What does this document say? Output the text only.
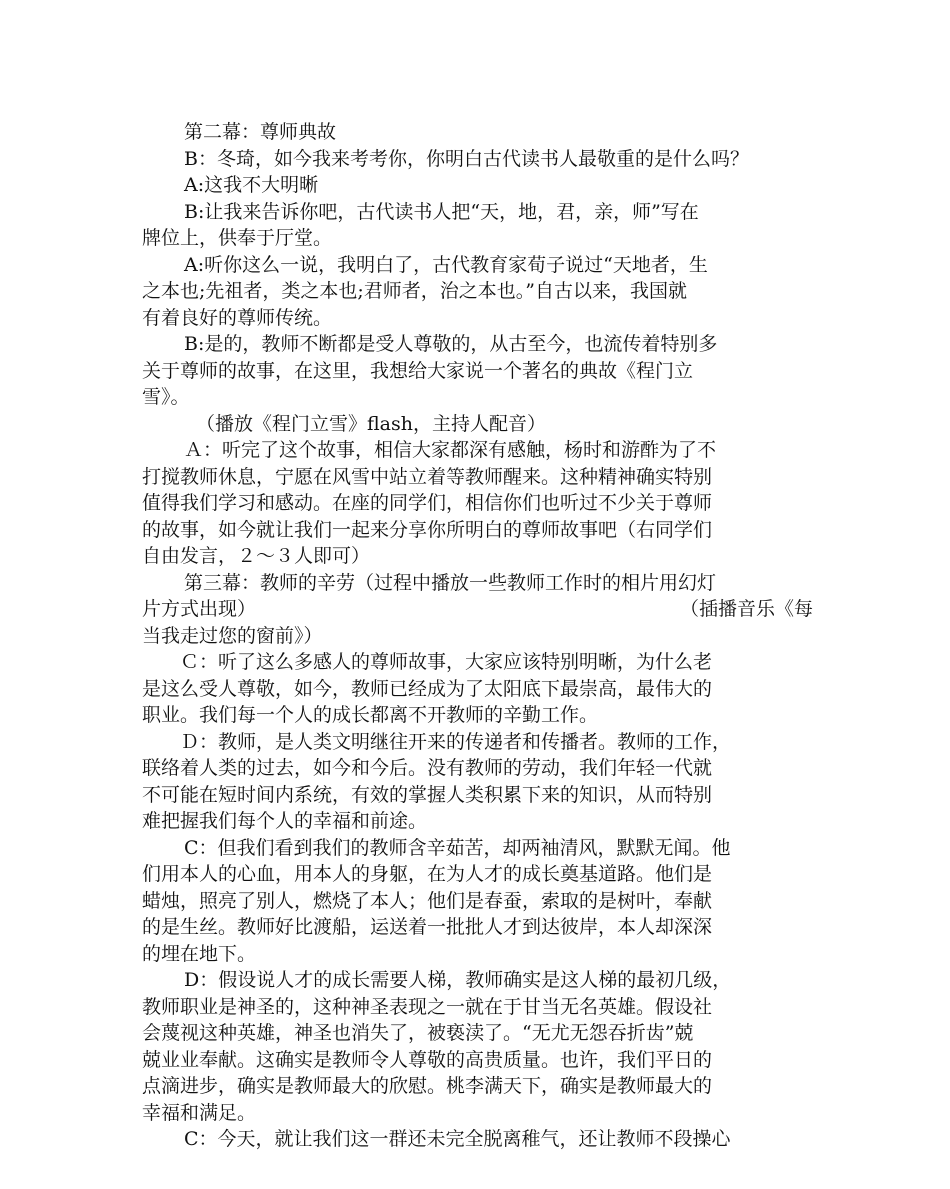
第二幕：尊师典故
B：冬琦，如今我来考考你，你明白古代读书人最敬重的是什么吗？
A:这我不大明晰
B:让我来告诉你吧，古代读书人把“天，地，君，亲，师”写在
牌位上，供奉于厅堂。
A:听你这么一说，我明白了，古代教育家荀子说过“天地者，生
之本也;先祖者，类之本也;君师者，治之本也。”自古以来，我国就
有着良好的尊师传统。
B:是的，教师不断都是受人尊敬的，从古至今，也流传着特别多
关于尊师的故事，在这里，我想给大家说一个著名的典故《程门立
雪》。
（播放《程门立雪》flash，主持人配音）
Ａ：听完了这个故事，相信大家都深有感触，杨时和游酢为了不
打搅教师休息，宁愿在风雪中站立着等教师醒来。这种精神确实特别
值得我们学习和感动。在座的同学们，相信你们也听过不少关于尊师
的故事，如今就让我们一起来分享你所明白的尊师故事吧（右同学们
自由发言，２～３人即可）
第三幕：教师的辛劳（过程中播放一些教师工作时的相片用幻灯
片方式出现）	（插播音乐《每
当我走过您的窗前》）
Ｃ：听了这么多感人的尊师故事，大家应该特别明晰，为什么老
是这么受人尊敬，如今，教师已经成为了太阳底下最崇高，最伟大的
职业。我们每一个人的成长都离不开教师的辛勤工作。
Ｄ：教师，是人类文明继往开来的传递者和传播者。教师的工作，
联络着人类的过去，如今和今后。没有教师的劳动，我们年轻一代就
不可能在短时间内系统，有效的掌握人类积累下来的知识，从而特别
难把握我们每个人的幸福和前途。
C：但我们看到我们的教师含辛茹苦，却两袖清风，默默无闻。他
们用本人的心血，用本人的身躯，在为人才的成长奠基道路。他们是
蜡烛，照亮了别人，燃烧了本人；他们是春蚕，索取的是树叶，奉献
的是生丝。教师好比渡船，运送着一批批人才到达彼岸，本人却深深
的埋在地下。
D：假设说人才的成长需要人梯，教师确实是这人梯的最初几级，
教师职业是神圣的，这种神圣表现之一就在于甘当无名英雄。假设社
会蔑视这种英雄，神圣也消失了，被亵渎了。“无尤无怨吞折齿”兢
兢业业奉献。这确实是教师令人尊敬的高贵质量。也许，我们平日的
点滴进步，确实是教师最大的欣慰。桃李满天下，确实是教师最大的
幸福和满足。
C：今天，就让我们这一群还未完全脱离稚气，还让教师不段操心
